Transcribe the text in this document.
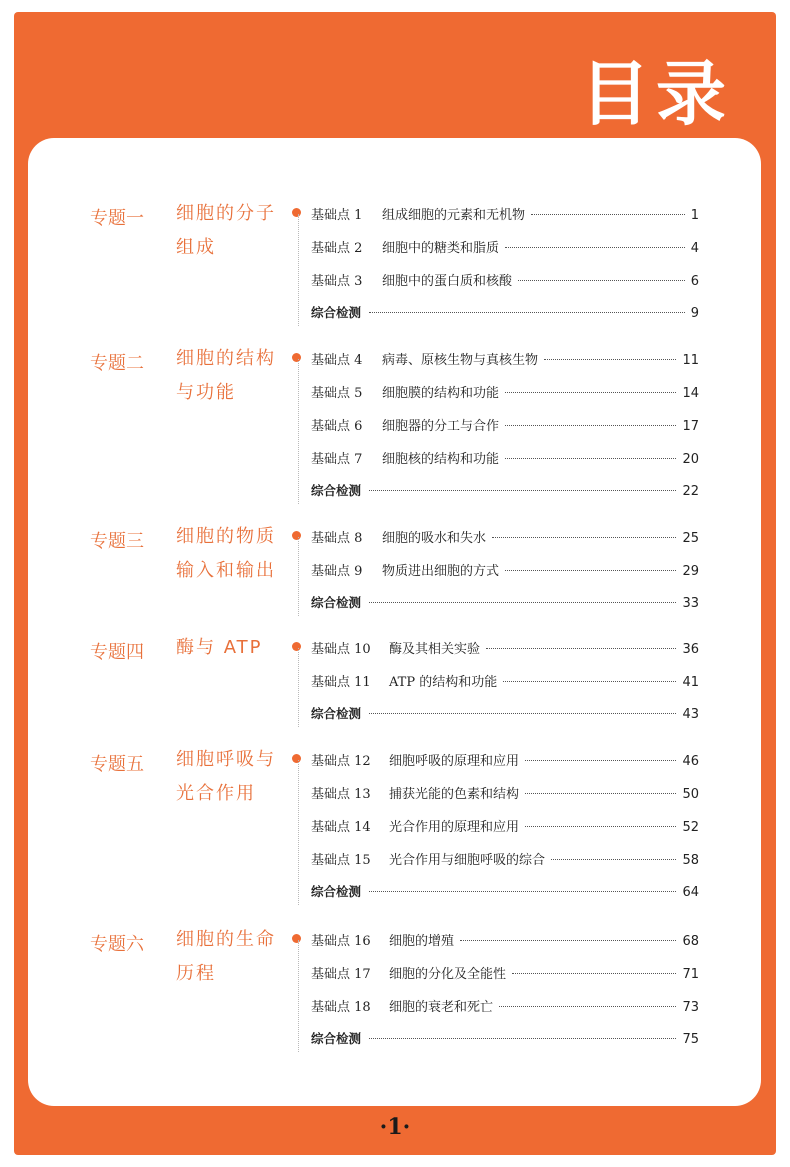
目录
专题一 细胞的分子组成
基础点 1	组成细胞的元素和无机物	1
基础点 2	细胞中的糖类和脂质	4
基础点 3	细胞中的蛋白质和核酸	6
综合检测	9
专题二 细胞的结构与功能
基础点 4	病毒、原核生物与真核生物	11
基础点 5	细胞膜的结构和功能	14
基础点 6	细胞器的分工与合作	17
基础点 7	细胞核的结构和功能	20
综合检测	22
专题三 细胞的物质输入和输出
基础点 8	细胞的吸水和失水	25
基础点 9	物质进出细胞的方式	29
综合检测	33
专题四 酶与 ATP	基础点 10	酶及其相关实验	36
基础点 11	ATP 的结构和功能	41
综合检测	43
专题五 细胞呼吸与光合作用
基础点 12	细胞呼吸的原理和应用	46
基础点 13	捕获光能的色素和结构	50
基础点 14	光合作用的原理和应用	52
基础点 15	光合作用与细胞呼吸的综合	58
综合检测	64
专题六 细胞的生命历程
基础点 16	细胞的增殖	68
基础点 17	细胞的分化及全能性	71
基础点 18	细胞的衰老和死亡	73
综合检测	75
·1·
